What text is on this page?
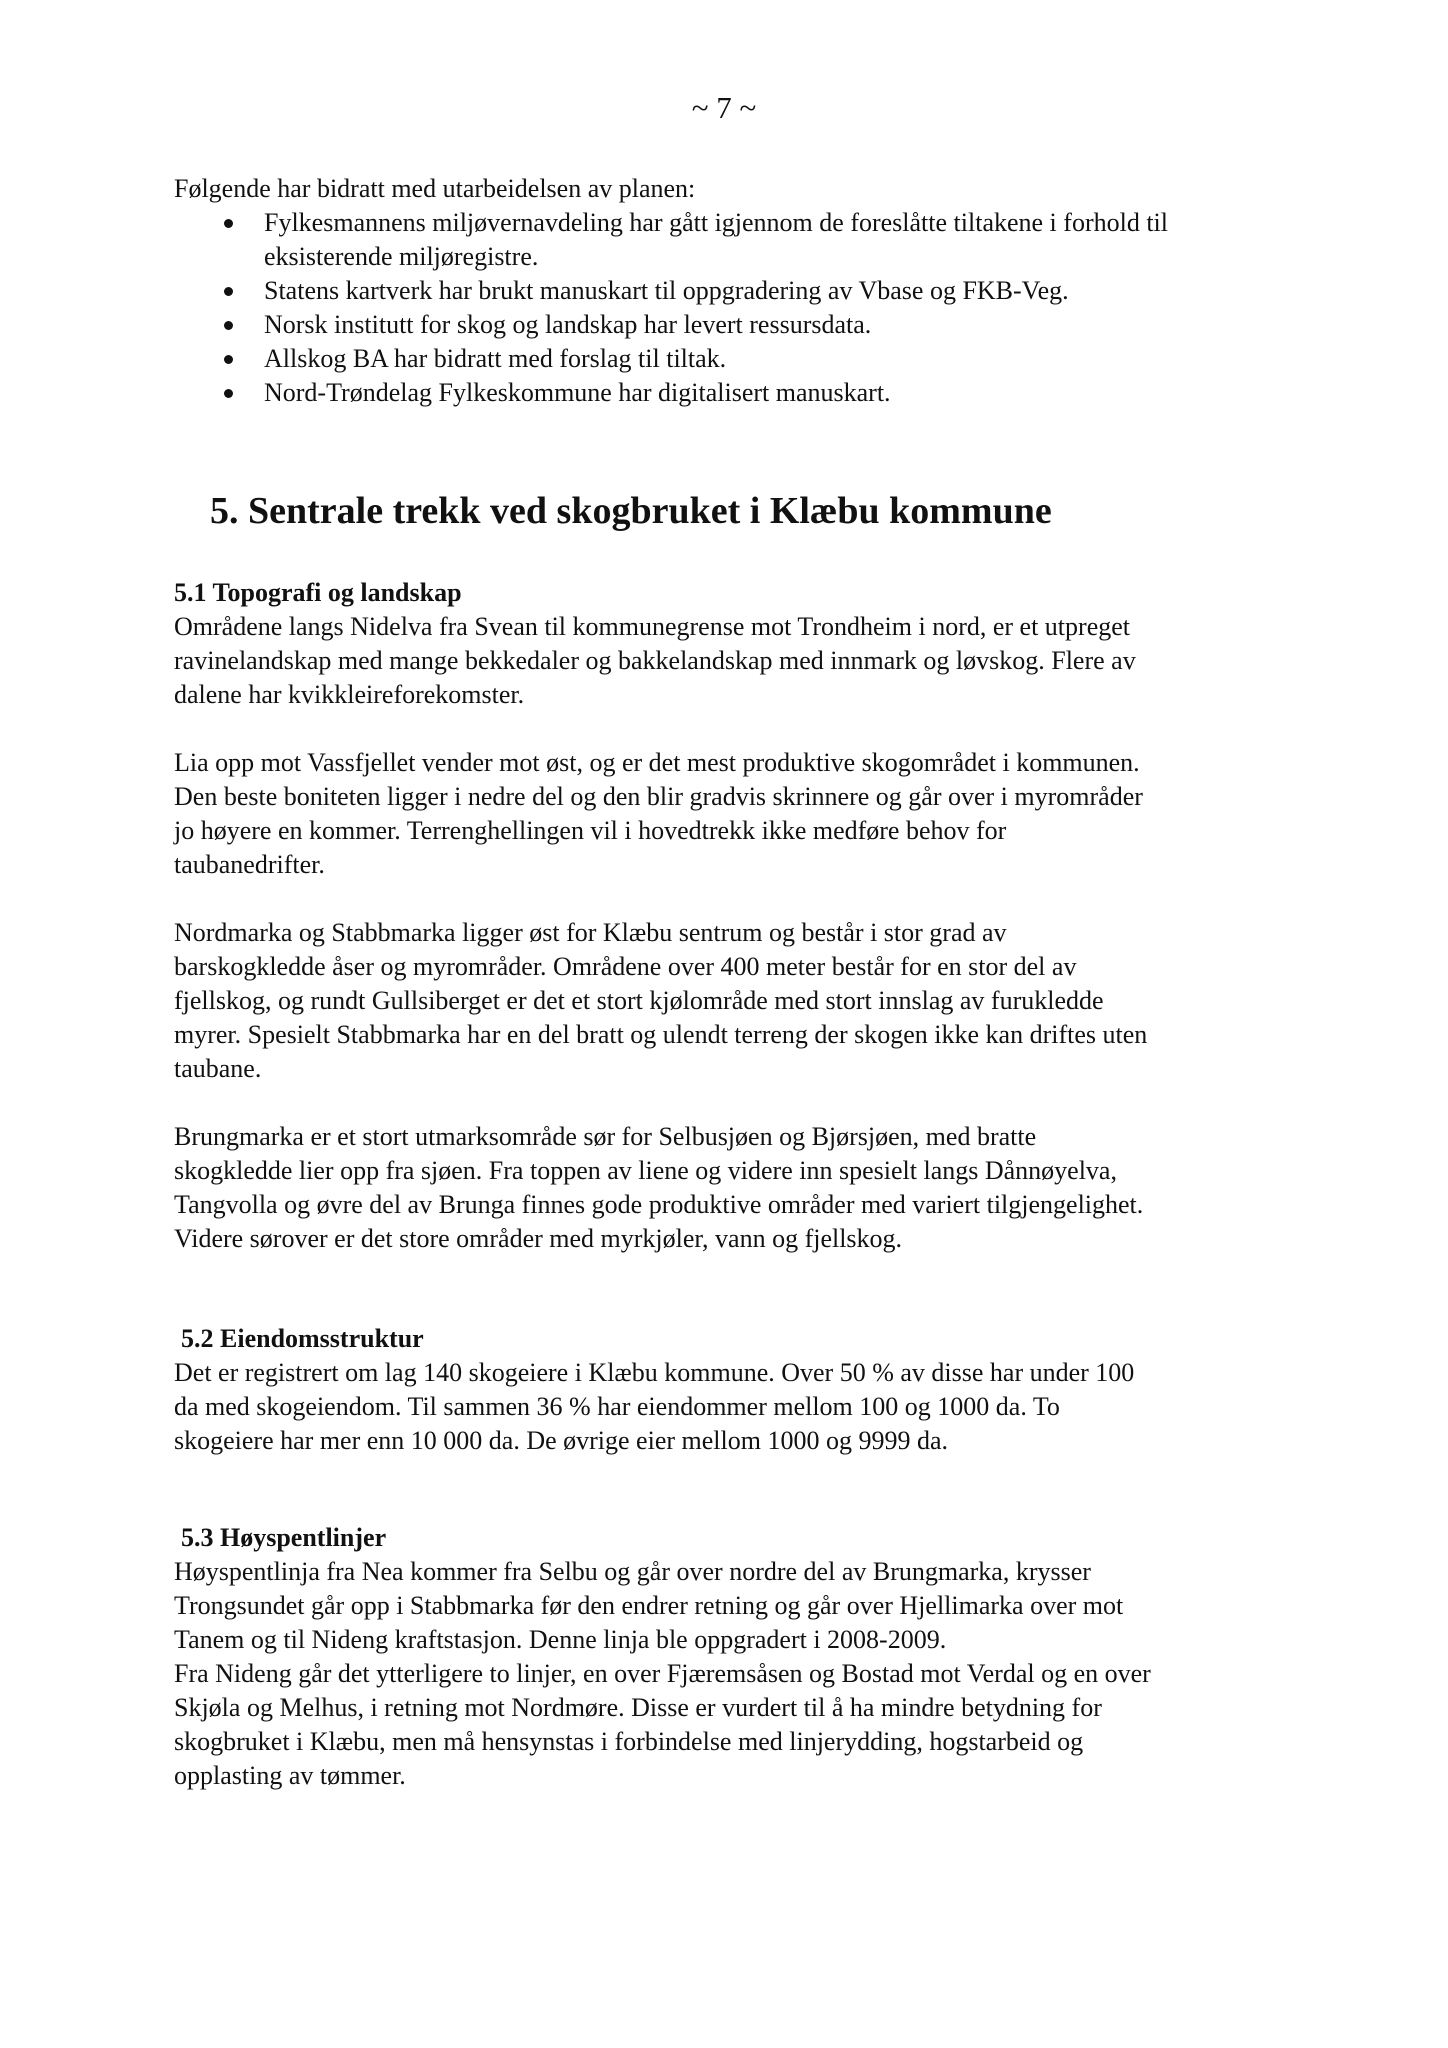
~ 7 ~

Følgende har bidratt med utarbeidelsen av planen:

Fylkesmannens miljøvernavdeling har gått igjennom de foreslåtte tiltakene i forhold til
eksisterende miljøregistre.
Statens kartverk har brukt manuskart til oppgradering av Vbase og FKB-Veg.
Norsk institutt for skog og landskap har levert ressursdata.
Allskog BA har bidratt med forslag til tiltak.
Nord-Trøndelag Fylkeskommune har digitalisert manuskart.
5. Sentrale trekk ved skogbruket i Klæbu kommune

5.1 Topografi og landskap

Områdene langs Nidelva fra Svean til kommunegrense mot Trondheim i nord, er et utpreget
ravinelandskap med mange bekkedaler og bakkelandskap med innmark og løvskog. Flere av
dalene har kvikkleireforekomster.
Lia opp mot Vassfjellet vender mot øst, og er det mest produktive skogområdet i kommunen.
Den beste boniteten ligger i nedre del og den blir gradvis skrinnere og går over i myrområder
jo høyere en kommer. Terrenghellingen vil i hovedtrekk ikke medføre behov for
taubanedrifter.
Nordmarka og Stabbmarka ligger øst for Klæbu sentrum og består i stor grad av
barskogkledde åser og myrområder. Områdene over 400 meter består for en stor del av
fjellskog, og rundt Gullsiberget er det et stort kjølområde med stort innslag av furukledde
myrer. Spesielt Stabbmarka har en del bratt og ulendt terreng der skogen ikke kan driftes uten
taubane.
Brungmarka er et stort utmarksområde sør for Selbusjøen og Bjørsjøen, med bratte
skogkledde lier opp fra sjøen. Fra toppen av liene og videre inn spesielt langs Dånnøyelva,
Tangvolla og øvre del av Brunga finnes gode produktive områder med variert tilgjengelighet.
Videre sørover er det store områder med myrkjøler, vann og fjellskog.

5.2 Eiendomsstruktur

Det er registrert om lag 140 skogeiere i Klæbu kommune. Over 50 % av disse har under 100
da med skogeiendom. Til sammen 36 % har eiendommer mellom 100 og 1000 da. To
skogeiere har mer enn 10 000 da. De øvrige eier mellom 1000 og 9999 da.

5.3 Høyspentlinjer

Høyspentlinja fra Nea kommer fra Selbu og går over nordre del av Brungmarka, krysser
Trongsundet går opp i Stabbmarka før den endrer retning og går over Hjellimarka over mot
Tanem og til Nideng kraftstasjon. Denne linja ble oppgradert i 2008-2009.
Fra Nideng går det ytterligere to linjer, en over Fjæremsåsen og Bostad mot Verdal og en over
Skjøla og Melhus, i retning mot Nordmøre. Disse er vurdert til å ha mindre betydning for
skogbruket i Klæbu, men må hensynstas i forbindelse med linjerydding, hogstarbeid og
opplasting av tømmer.
